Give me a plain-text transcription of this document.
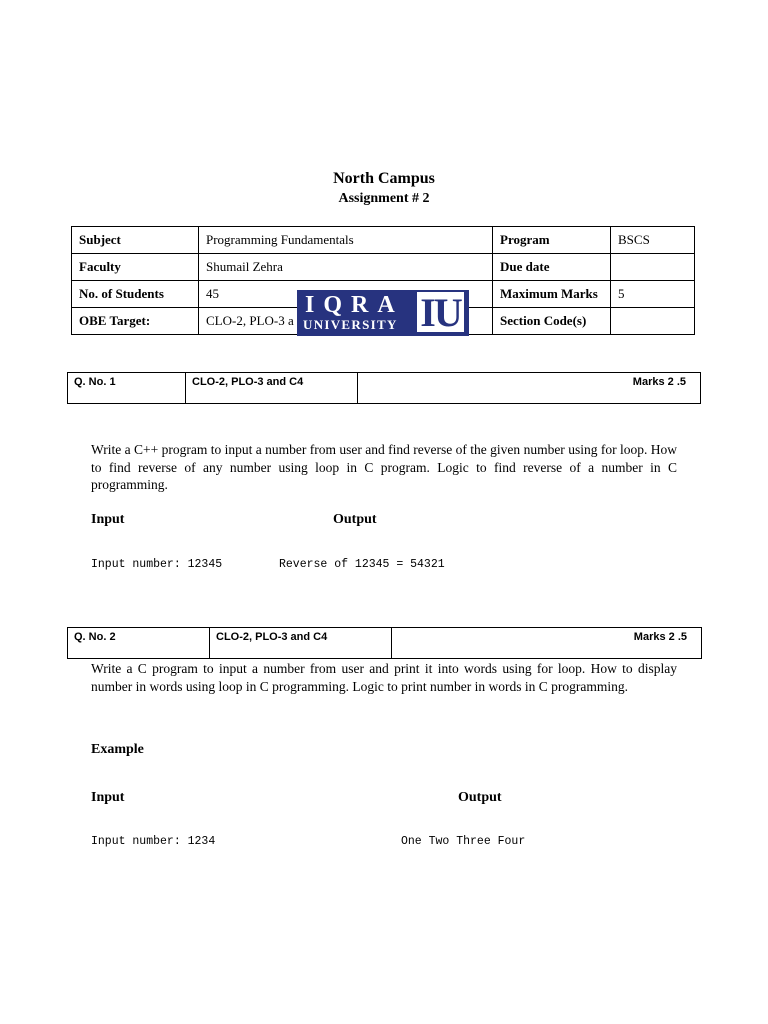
North Campus
Assignment # 2
Subject	Programming Fundamentals	Program	BSCS
Faculty	Shumail Zehra	Due date	
No. of Students	45	Maximum Marks	5
OBE Target:	CLO-2, PLO-3 a	Section Code(s)	
IQRA
UNIVERSITY IU
Q. No. 1	CLO-2, PLO-3 and C4	Marks 2 .5
Write a C++ program to input a number from user and find reverse of the given number using for loop. How to find reverse of any number using loop in C program. Logic to find reverse of a number in C programming.
Input	Output
Input number: 12345	Reverse of 12345 = 54321
Q. No. 2	CLO-2, PLO-3 and C4	Marks 2 .5
Write a C program to input a number from user and print it into words using for loop. How to display number in words using loop in C programming. Logic to print number in words in C programming.
Example
Input	Output
Input number: 1234	One Two Three Four
